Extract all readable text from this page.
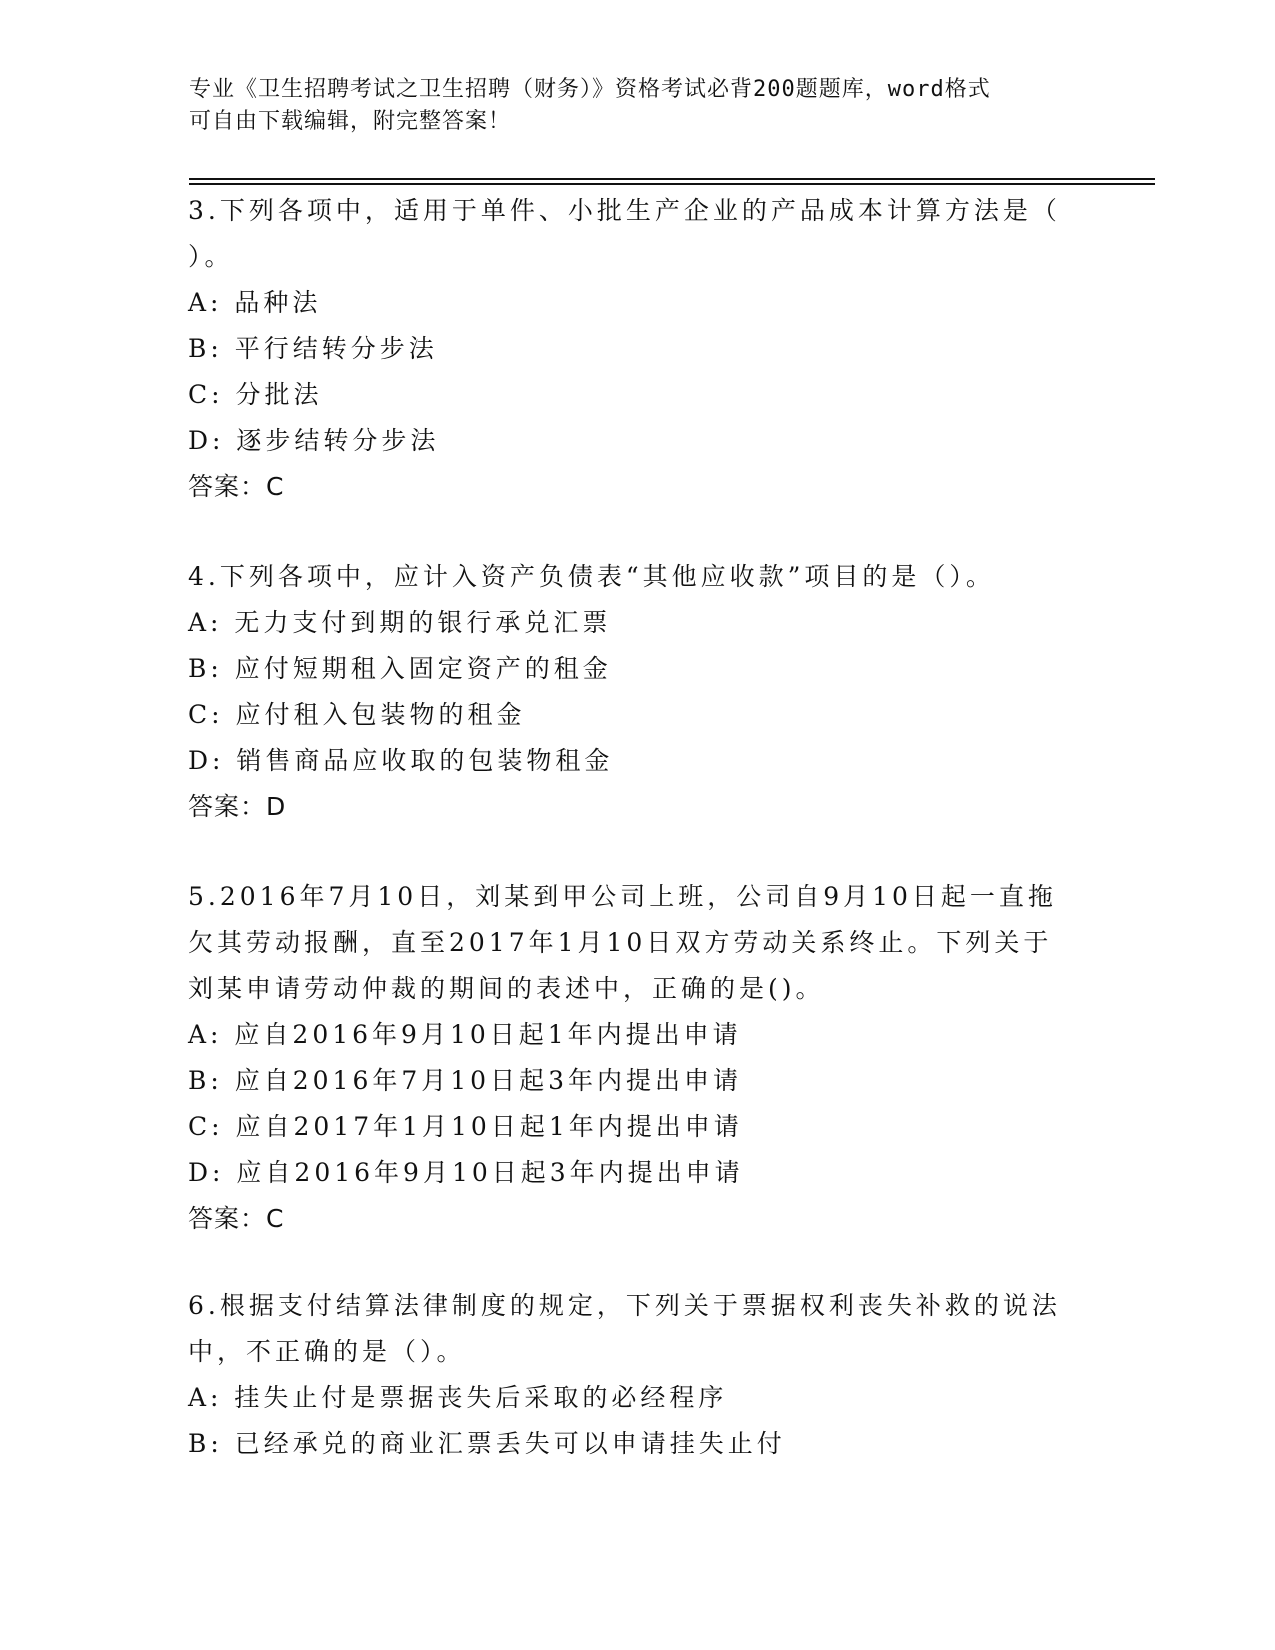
专业《卫生招聘考试之卫生招聘（财务）》资格考试必背200题题库，word格式
可自由下载编辑，附完整答案！
3.下列各项中，适用于单件、小批生产企业的产品成本计算方法是（
）。
A: 品种法
B: 平行结转分步法
C: 分批法
D: 逐步结转分步法
答案：C
4.下列各项中，应计入资产负债表“其他应收款”项目的是（）。
A: 无力支付到期的银行承兑汇票
B: 应付短期租入固定资产的租金
C: 应付租入包装物的租金
D: 销售商品应收取的包装物租金
答案：D
5.2016年7月10日，刘某到甲公司上班，公司自9月10日起一直拖
欠其劳动报酬，直至2017年1月10日双方劳动关系终止。下列关于
刘某申请劳动仲裁的期间的表述中，正确的是()。
A: 应自2016年9月10日起1年内提出申请
B: 应自2016年7月10日起3年内提出申请
C: 应自2017年1月10日起1年内提出申请
D: 应自2016年9月10日起3年内提出申请
答案：C
6.根据支付结算法律制度的规定，下列关于票据权利丧失补救的说法
中，不正确的是（）。
A: 挂失止付是票据丧失后采取的必经程序
B: 已经承兑的商业汇票丢失可以申请挂失止付
